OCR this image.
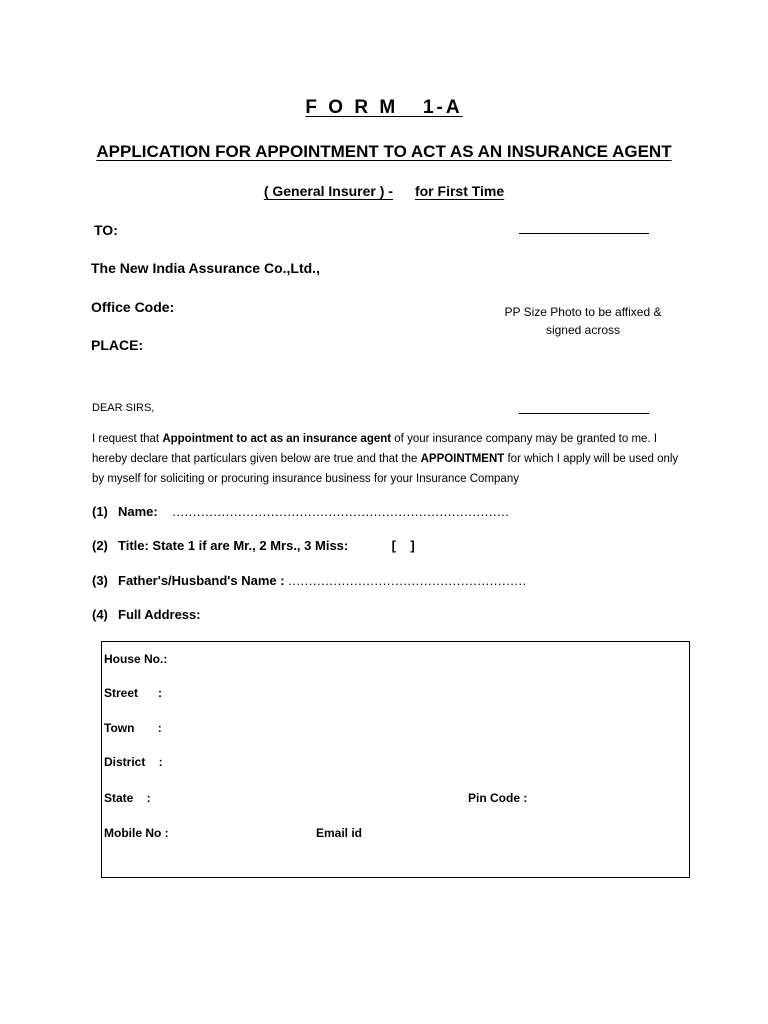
F O R M   1-A
APPLICATION FOR APPOINTMENT TO ACT AS AN INSURANCE AGENT
( General Insurer ) - for First Time
TO:
The New India Assurance Co.,Ltd.,
Office Code:
PLACE:
PP Size Photo to be affixed & signed across
DEAR SIRS,
I request that Appointment to act as an insurance agent of your insurance company may be granted to me. I hereby declare that particulars given below are true and that the APPOINTMENT for which I apply will be used only by myself for soliciting or procuring insurance business for your Insurance Company
(1) Name: ..................................................................................
(2) Title: State 1 if are Mr., 2 Mrs., 3 Miss:	[    ]
(3) Father's/Husband's Name : ..........................................................
(4) Full Address:
House No.:
Street      :
Town       :
District    :
State    :	Pin Code :
Mobile No :	Email id
